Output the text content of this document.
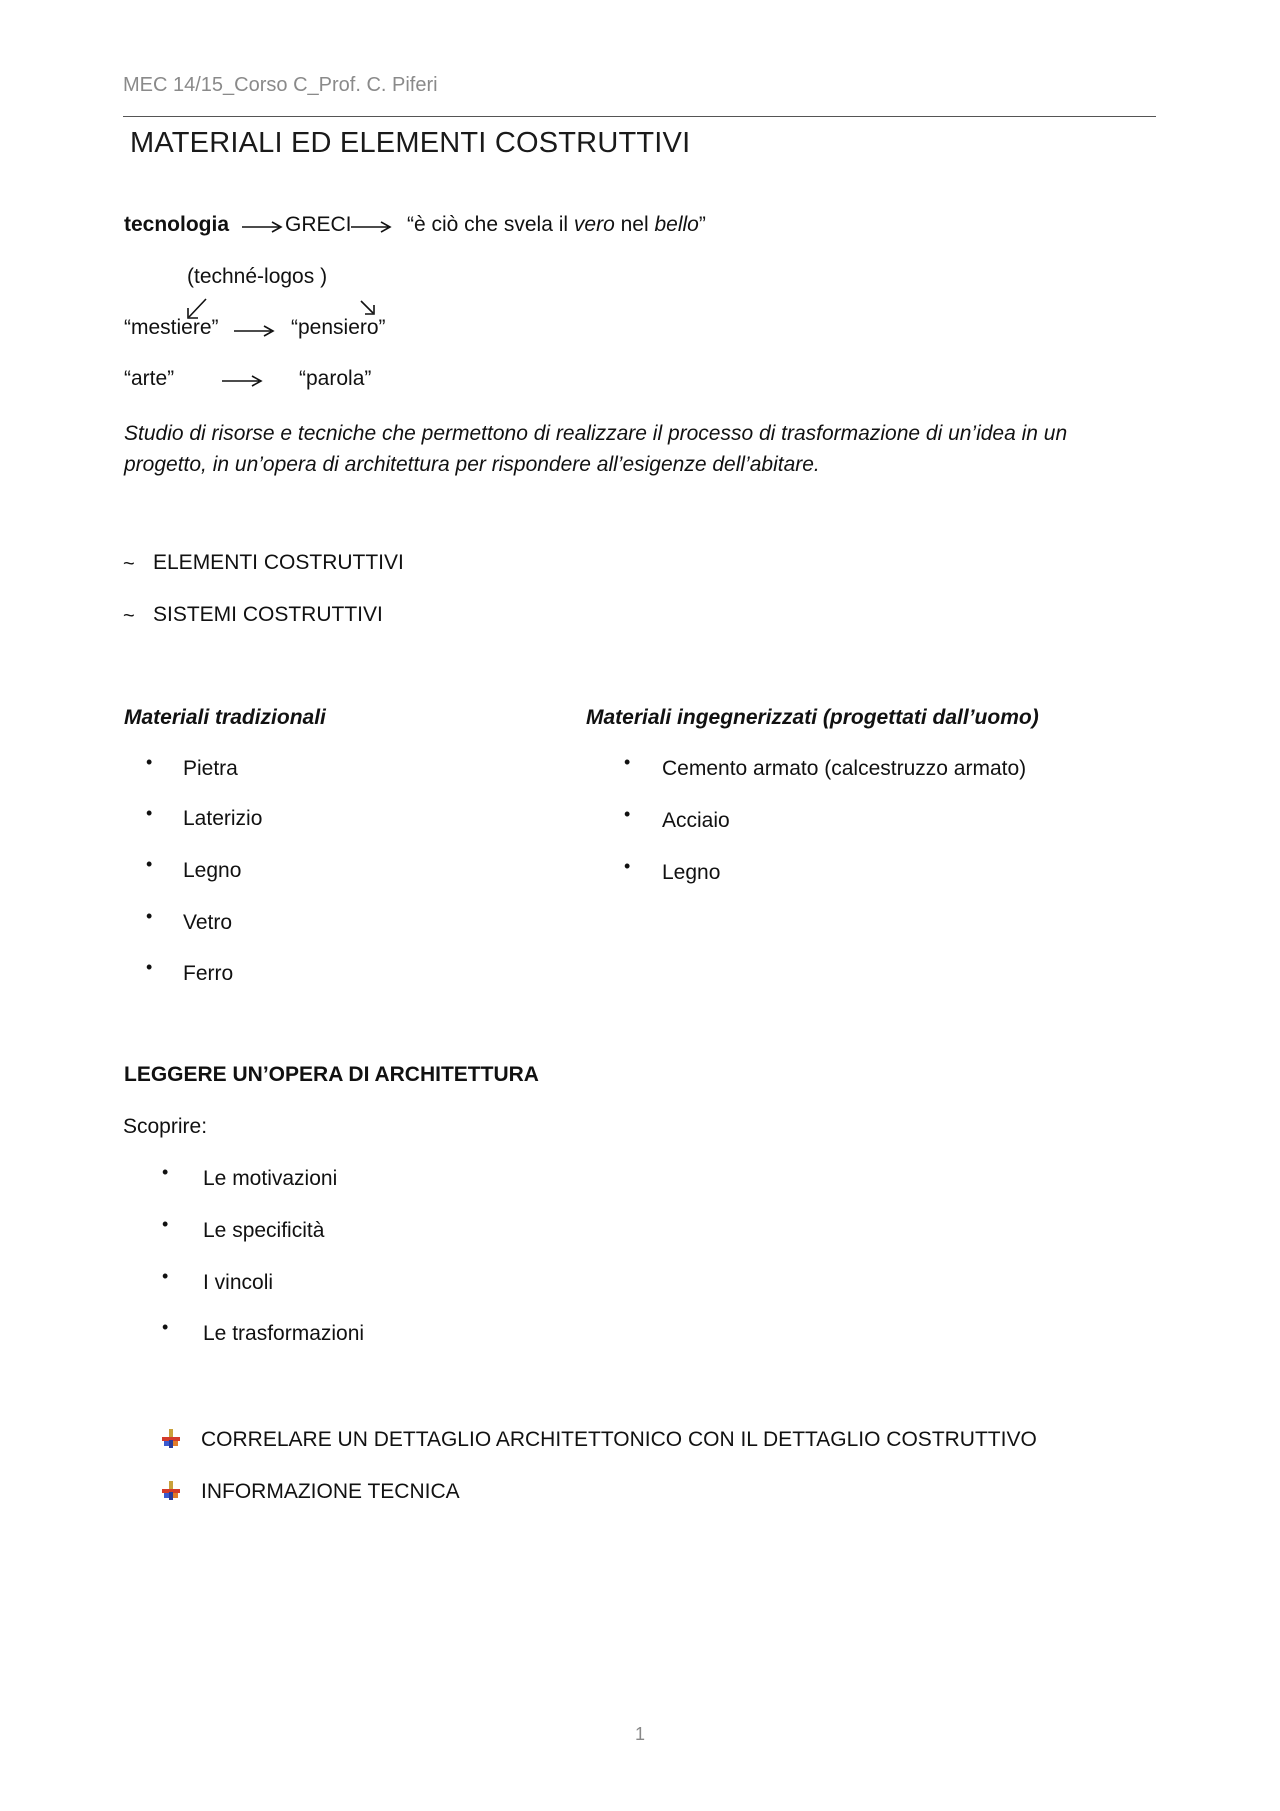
MEC 14/15_Corso C_Prof. C. Piferi
MATERIALI ED ELEMENTI COSTRUTTIVI
tecnologia	GRECI	“è ciò che svela il vero nel bello”
(techné-logos )
“mestiere”	“pensiero”
“arte”	“parola”
Studio di risorse e tecniche che permettono di realizzare il processo di trasformazione di un’idea in un progetto, in un’opera di architettura per rispondere all’esigenze dell’abitare.
~ ELEMENTI COSTRUTTIVI
~ SISTEMI COSTRUTTIVI
Materiali tradizionali
• Pietra
• Laterizio
• Legno
• Vetro
• Ferro
Materiali ingegnerizzati (progettati dall’uomo)
• Cemento armato (calcestruzzo armato)
• Acciaio
• Legno
LEGGERE UN’OPERA DI ARCHITETTURA
Scoprire:
• Le motivazioni
• Le specificità
• I vincoli
• Le trasformazioni
CORRELARE UN DETTAGLIO ARCHITETTONICO CON IL DETTAGLIO COSTRUTTIVO
INFORMAZIONE TECNICA
1
